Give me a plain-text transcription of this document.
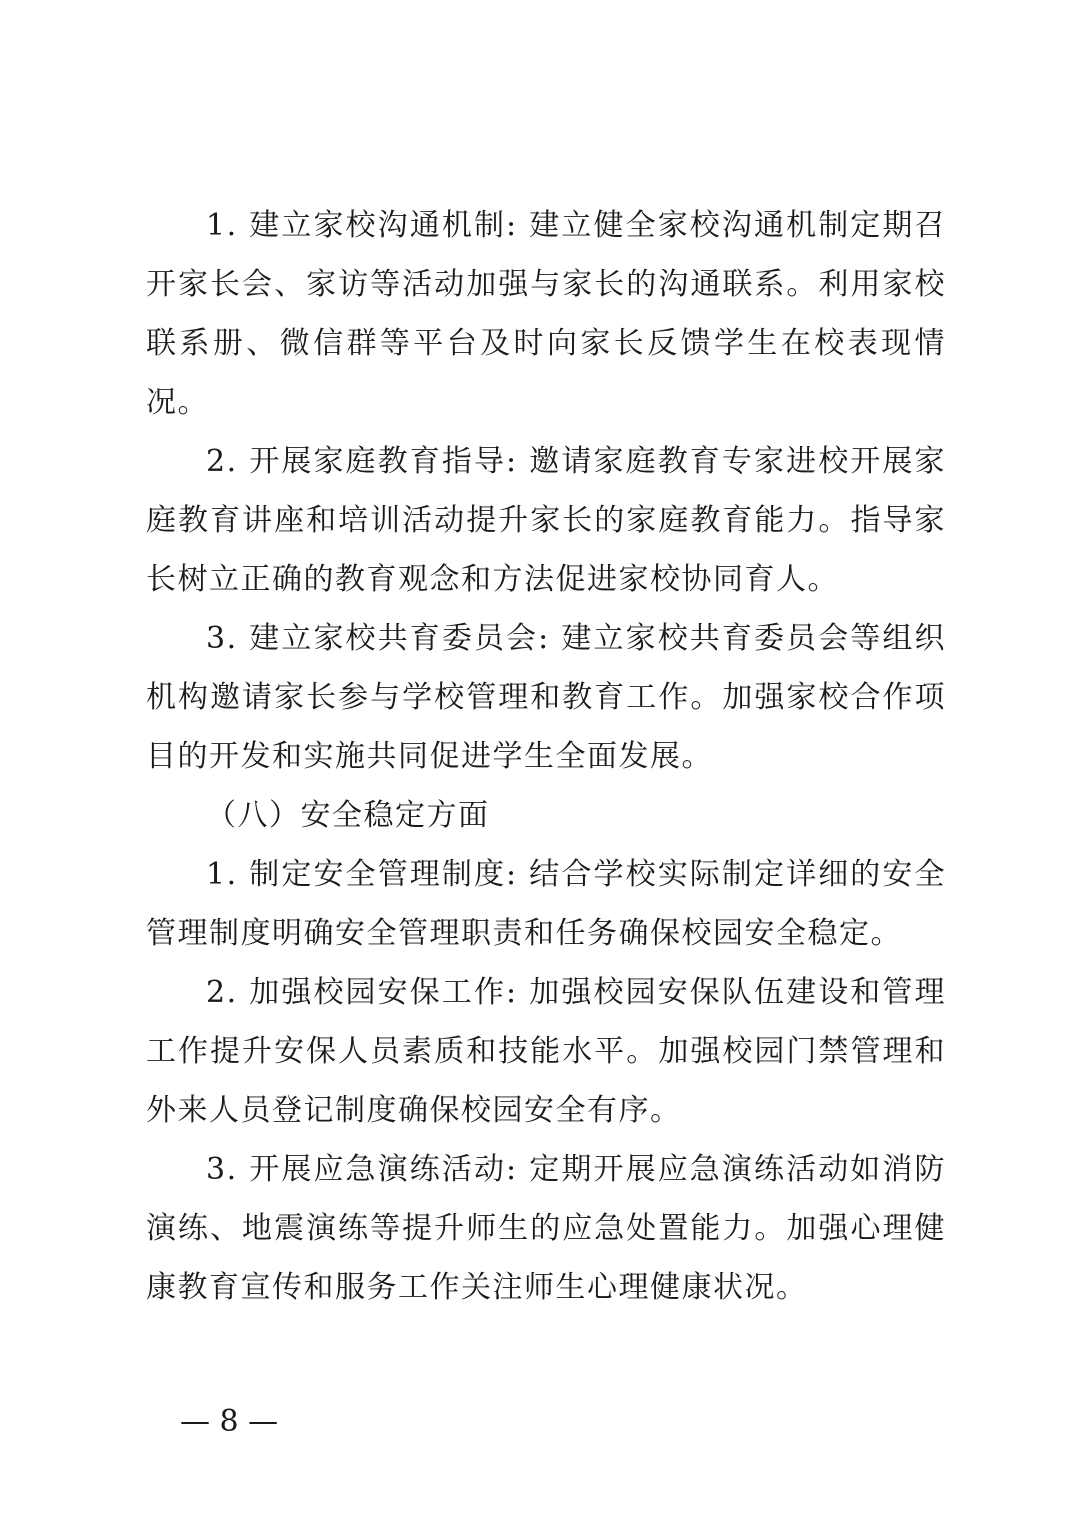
1. 建立家校沟通机制: 建立健全家校沟通机制定期召开家长会、家访等活动加强与家长的沟通联系。利用家校联系册、微信群等平台及时向家长反馈学生在校表现情况。

2. 开展家庭教育指导: 邀请家庭教育专家进校开展家庭教育讲座和培训活动提升家长的家庭教育能力。指导家长树立正确的教育观念和方法促进家校协同育人。

3. 建立家校共育委员会: 建立家校共育委员会等组织机构邀请家长参与学校管理和教育工作。加强家校合作项目的开发和实施共同促进学生全面发展。

（八）安全稳定方面

1. 制定安全管理制度: 结合学校实际制定详细的安全管理制度明确安全管理职责和任务确保校园安全稳定。

2. 加强校园安保工作: 加强校园安保队伍建设和管理工作提升安保人员素质和技能水平。加强校园门禁管理和外来人员登记制度确保校园安全有序。

3. 开展应急演练活动: 定期开展应急演练活动如消防演练、地震演练等提升师生的应急处置能力。加强心理健康教育宣传和服务工作关注师生心理健康状况。

— 8 —
